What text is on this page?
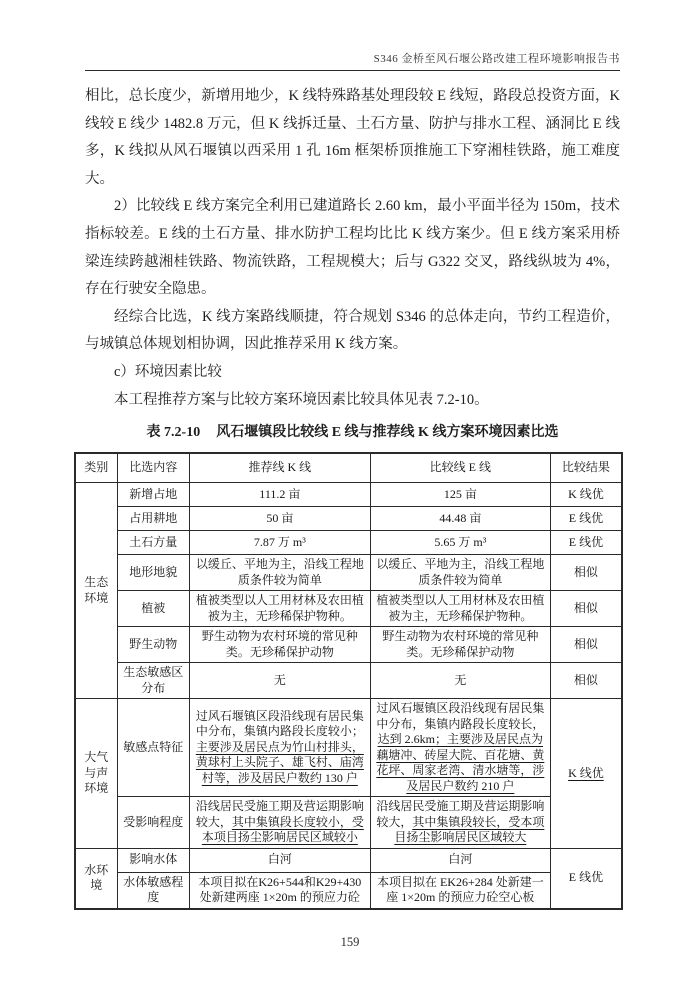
S346 金桥至风石堰公路改建工程环境影响报告书

相比，总长度少，新增用地少，K 线特殊路基处理段较 E 线短，路段总投资方面，K 线较 E 线少 1482.8 万元，但 K 线拆迁量、土石方量、防护与排水工程、涵洞比 E 线多，K 线拟从风石堰镇以西采用 1 孔 16m 框架桥顶推施工下穿湘桂铁路，施工难度大。

2）比较线 E 线方案完全利用已建道路长 2.60 km，最小平面半径为 150m，技术指标较差。E 线的土石方量、排水防护工程均比比 K 线方案少。但 E 线方案采用桥梁连续跨越湘桂铁路、物流铁路，工程规模大；后与 G322 交叉，路线纵坡为 4%，存在行驶安全隐患。

经综合比选，K 线方案路线顺捷，符合规划 S346 的总体走向，节约工程造价，与城镇总体规划相协调，因此推荐采用 K 线方案。

c）环境因素比较

本工程推荐方案与比较方案环境因素比较具体见表 7.2-10。

表 7.2-10 风石堰镇段比较线 E 线与推荐线 K 线方案环境因素比选
类别	比选内容	推荐线 K 线	比较线 E 线	比较结果
生态环境	新增占地	111.2 亩	125 亩	K 线优
	占用耕地	50 亩	44.48 亩	E 线优
	土石方量	7.87 万 m³	5.65 万 m³	E 线优
	地形地貌	以缓丘、平地为主，沿线工程地质条件较为简单	以缓丘、平地为主，沿线工程地质条件较为简单	相似
	植被	植被类型以人工用材林及农田植被为主，无珍稀保护物种。	植被类型以人工用材林及农田植被为主，无珍稀保护物种。	相似
	野生动物	野生动物为农村环境的常见种类。无珍稀保护动物	野生动物为农村环境的常见种类。无珍稀保护动物	相似
	生态敏感区分布	无	无	相似
大气与声环境	敏感点特征	过风石堰镇区段沿线现有居民集中分布，集镇内路段长度较小；主要涉及居民点为竹山村排头，黄球村上头院子、雄飞村、庙湾村等，涉及居民户数约 130 户	过风石堰镇区段沿线现有居民集中分布，集镇内路段长度较长，达到 2.6km；主要涉及居民点为藕塘冲、砖屋大院、百花塘、黄花坪、周家老湾、清水塘等，涉及居民户数约 210 户	K 线优
	受影响程度	沿线居民受施工期及营运期影响较大，其中集镇段长度较小，受本项目扬尘影响居民区域较小	沿线居民受施工期及营运期影响较大，其中集镇段较长，受本项目扬尘影响居民区域较大	
水环境	影响水体	白河	白河	E 线优
	水体敏感程度	本项目拟在K26+544和K29+430处新建两座 1×20m 的预应力砼	本项目拟在 EK26+284 处新建一座 1×20m 的预应力砼空心板	
159
